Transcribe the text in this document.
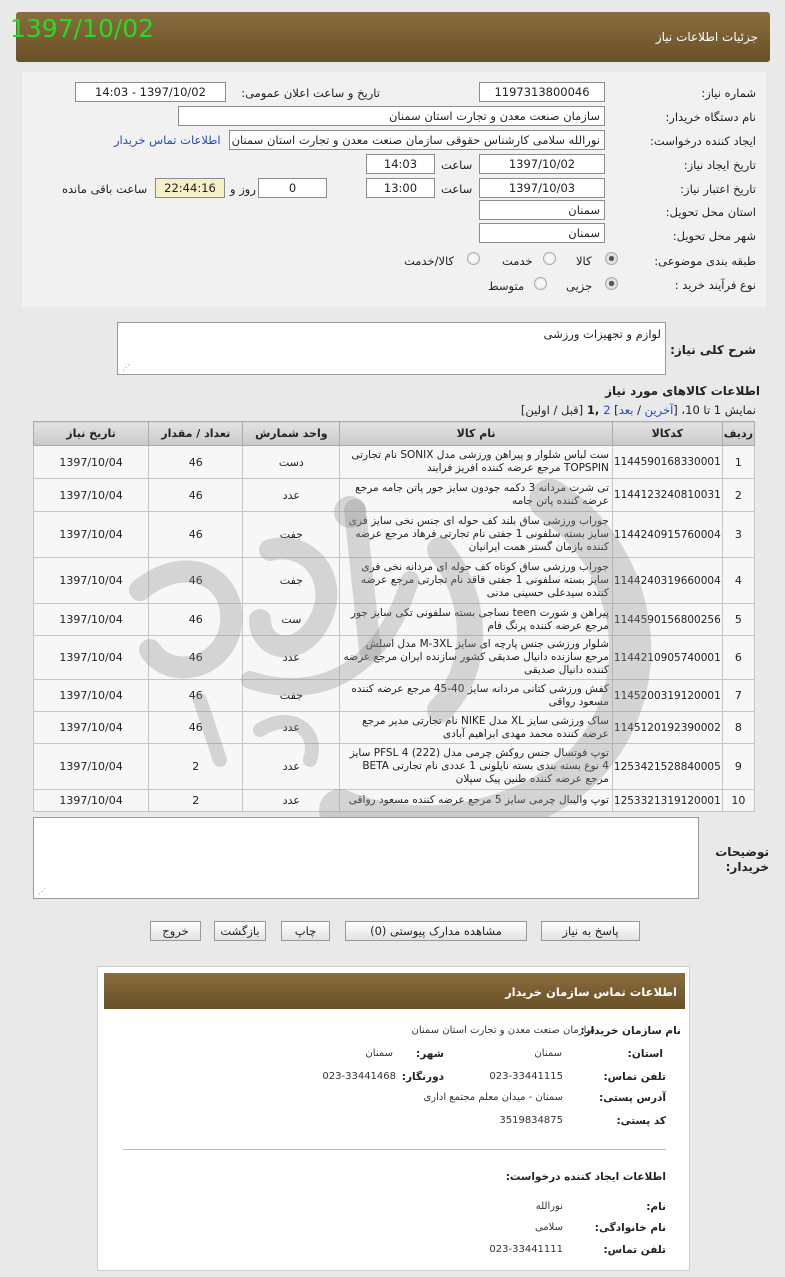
جزئیات اطلاعات نیاز
1397/10/02
شماره نیاز:
1197313800046
تاریخ و ساعت اعلان عمومی:
1397/10/02 - 14:03
نام دستگاه خریدار:
سازمان صنعت معدن و تجارت استان سمنان
ایجاد کننده درخواست:
نورالله سلامی کارشناس حقوقی سازمان صنعت معدن و تجارت استان سمنان
اطلاعات تماس خریدار
تاریخ ایجاد نیاز:
1397/10/02
ساعت
14:03
تاریخ اعتبار نیاز:
1397/10/03
ساعت
13:00
0
روز و
22:44:16
ساعت باقی مانده
استان محل تحویل:
سمنان
شهر محل تحویل:
سمنان
طبقه بندی موضوعی:
کالا
خدمت
کالا/خدمت
نوع فرآیند خرید :
جزیی
متوسط
شرح کلی نیاز:
لوازم و تجهیزات ورزشی
⋰
اطلاعات کالاهای مورد نیاز
نمایش 1 تا 10، [آخرین / بعد] 2 ,1 [قبل / اولین]
ردیف	کدکالا	نام کالا	واحد شمارش	تعداد / مقدار	تاریخ نیاز
1	1144590168330001	ست لباس شلوار و پیراهن ورزشی مدل SONIX نام تجارتی TOPSPIN مرجع عرضه کننده افریز فرایند	دست	46	1397/10/04
2	1144123240810031	تی شرت مردانه 3 دکمه جودون سایز جور پاتن جامه مرجع عرضه کننده پاتن جامه	عدد	46	1397/10/04
3	1144240915760004	جوراب ورزشی ساق بلند کف حوله ای جنس نخی سایز فری سایز بسته سلفونی 1 جفتی نام تجارتی فرهاد مرجع عرضه کننده بازمان گستر همت ایرانیان	جفت	46	1397/10/04
4	1144240319660004	جوراب ورزشی ساق کوتاه کف حوله ای مردانه نخی فری سایز بسته سلفونی 1 جفتی فاقد نام تجارتی مرجع عرضه کننده سیدعلی حسینی مدنی	جفت	46	1397/10/04
5	1144590156800256	پیراهن و شورت teen نساجی بسته سلفونی تکی سایز جور مرجع عرضه کننده پرنگ فام	ست	46	1397/10/04
6	1144210905740001	شلوار ورزشی جنس پارچه ای سایز M-3XL مدل اسلش مرجع سازنده دانیال صدیقی کشور سازنده ایران مرجع عرضه کننده دانیال صدیقی	عدد	46	1397/10/04
7	1145200319120001	کفش ورزشی کتانی مردانه سایز 40-45 مرجع عرضه کننده مسعود رواقی	جفت	46	1397/10/04
8	1145120192390002	ساک ورزشی سایز XL مدل NIKE نام تجارتی مدیر مرجع عرضه کننده محمد مهدی ابراهیم آبادی	عدد	46	1397/10/04
9	1253421528840005	توپ فوتسال جنس روکش چرمی مدل (222) PFSL 4 سایز 4 نوع بسته بندی بسته نایلونی 1 عددی نام تجارتی BETA مرجع عرضه کننده طنین پیک سپلان	عدد	2	1397/10/04
10	1253321319120001	توپ والیبال چرمی سایز 5 مرجع عرضه کننده مسعود رواقی	عدد	2	1397/10/04
⋰
توضیحات
خریدار:
پاسخ به نیاز
مشاهده مدارک پیوستی (0)
چاپ
بازگشت
خروج
اطلاعات تماس سازمان خریدار
نام سازمان خریدار:
سازمان صنعت معدن و تجارت استان سمنان
استان:
سمنان
شهر:
سمنان
تلفن تماس:
023-33441115
دورنگار:
023-33441468
آدرس پستی:
سمنان - میدان معلم مجتمع اداری
کد پستی:
3519834875
اطلاعات ایجاد کننده درخواست:
نام:
نورالله
نام خانوادگی:
سلامی
تلفن تماس:
023-33441111
